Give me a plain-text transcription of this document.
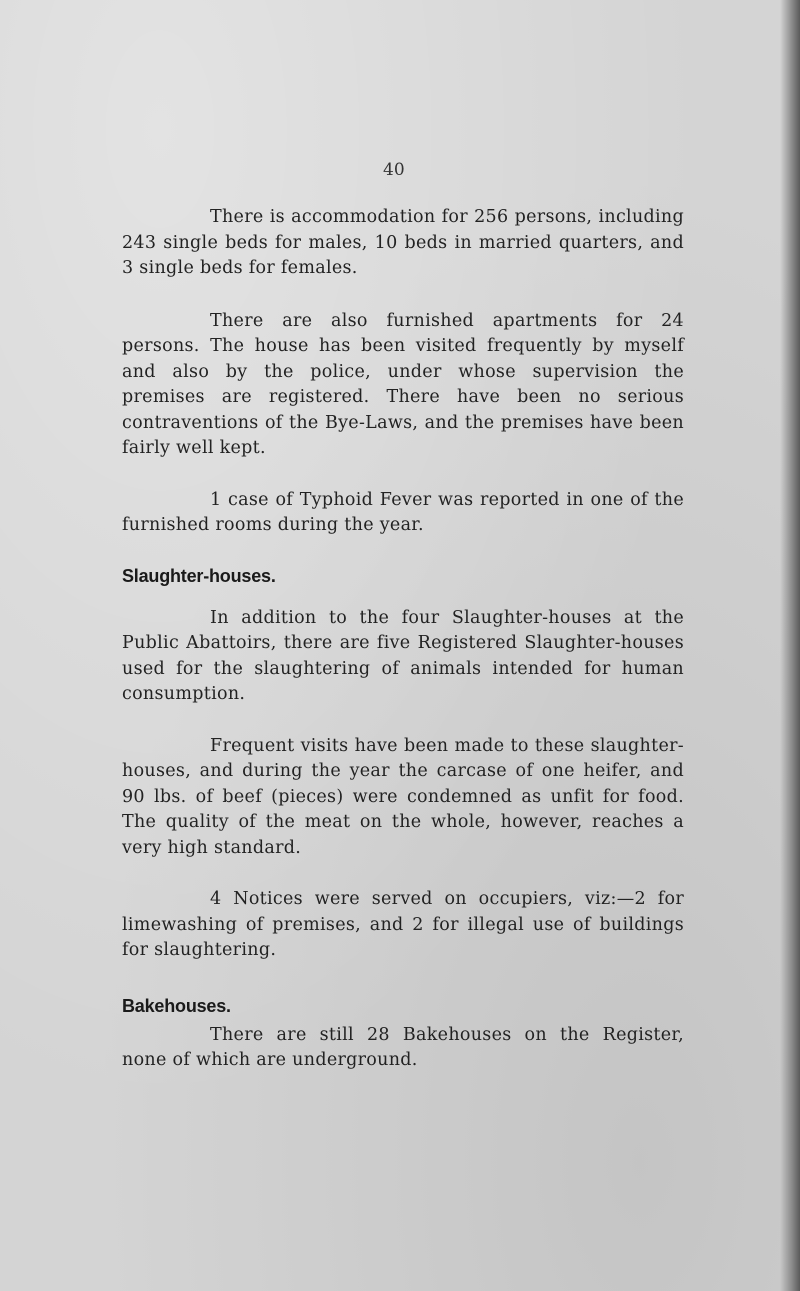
40

There is accommodation for 256 persons, including 243 single beds for males, 10 beds in married quarters, and 3 single beds for females.

There are also furnished apartments for 24 persons. The house has been visited frequently by myself and also by the police, under whose supervision the premises are registered. There have been no serious contraventions of the Bye-Laws, and the premises have been fairly well kept.

1 case of Typhoid Fever was reported in one of the furnished rooms during the year.

Slaughter-houses.

In addition to the four Slaughter-houses at the Public Abattoirs, there are five Registered Slaughter-houses used for the slaughtering of animals intended for human consumption.

Frequent visits have been made to these slaughter-houses, and during the year the carcase of one heifer, and 90 lbs. of beef (pieces) were condemned as unfit for food. The quality of the meat on the whole, however, reaches a very high standard.

4 Notices were served on occupiers, viz:—2 for limewashing of premises, and 2 for illegal use of buildings for slaughtering.

Bakehouses.

There are still 28 Bakehouses on the Register, none of which are underground.
